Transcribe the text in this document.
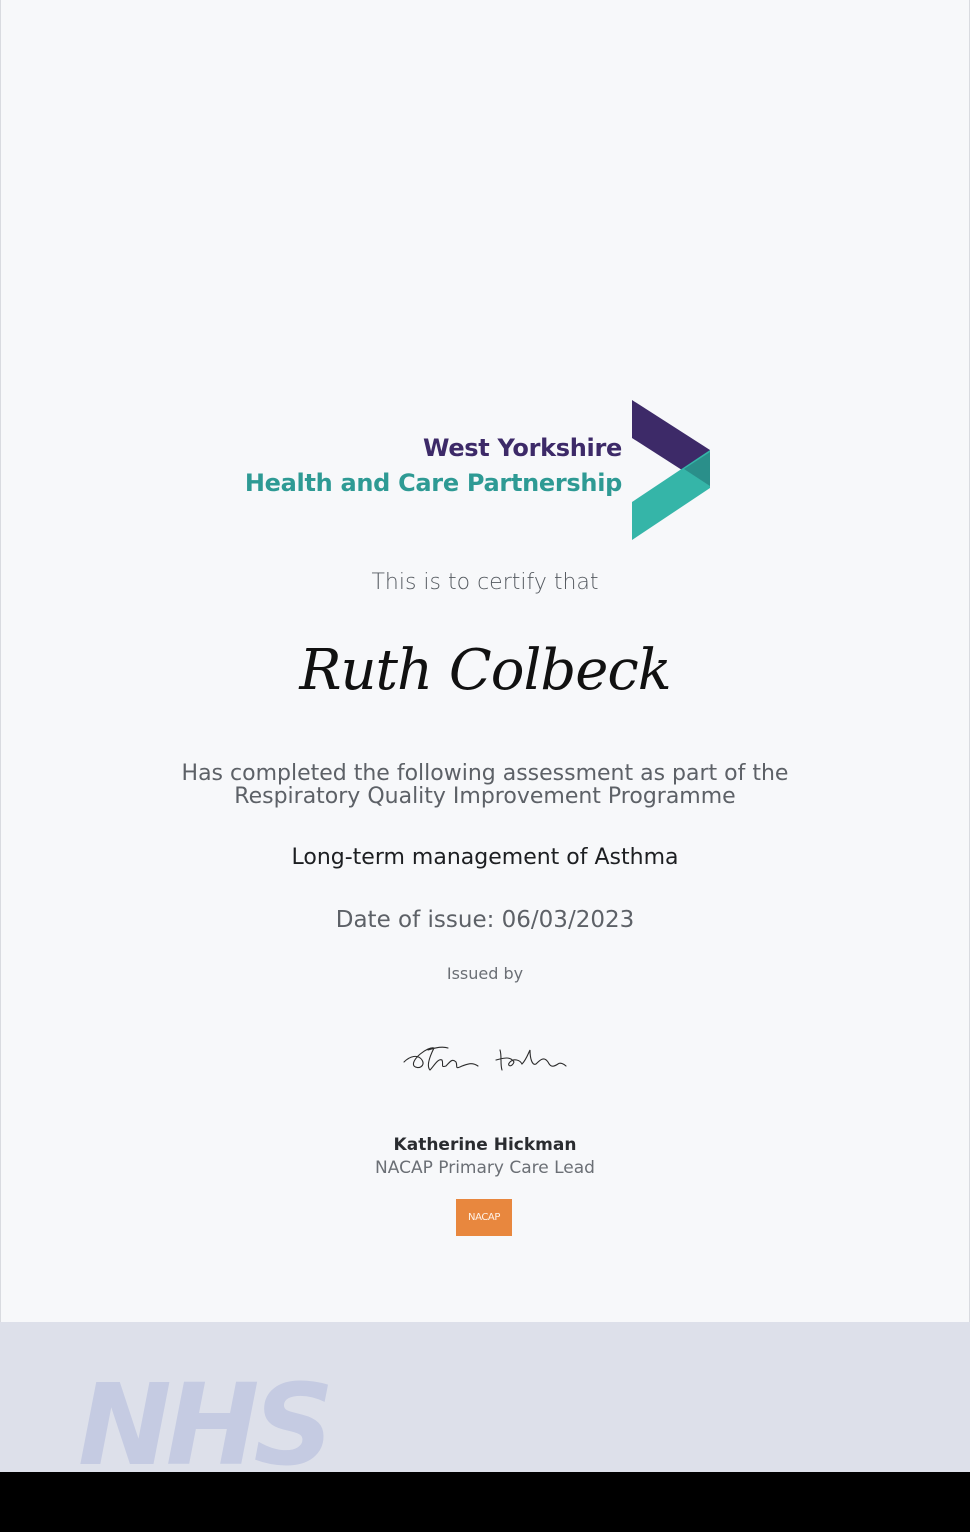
West Yorkshire
Health and Care Partnership
This is to certify that
Ruth Colbeck
Has completed the following assessment as part of the
Respiratory Quality Improvement Programme
Long-term management of Asthma
Date of issue: 06/03/2023
Issued by
Katherine Hickman
NACAP Primary Care Lead
NACAP
NHS
